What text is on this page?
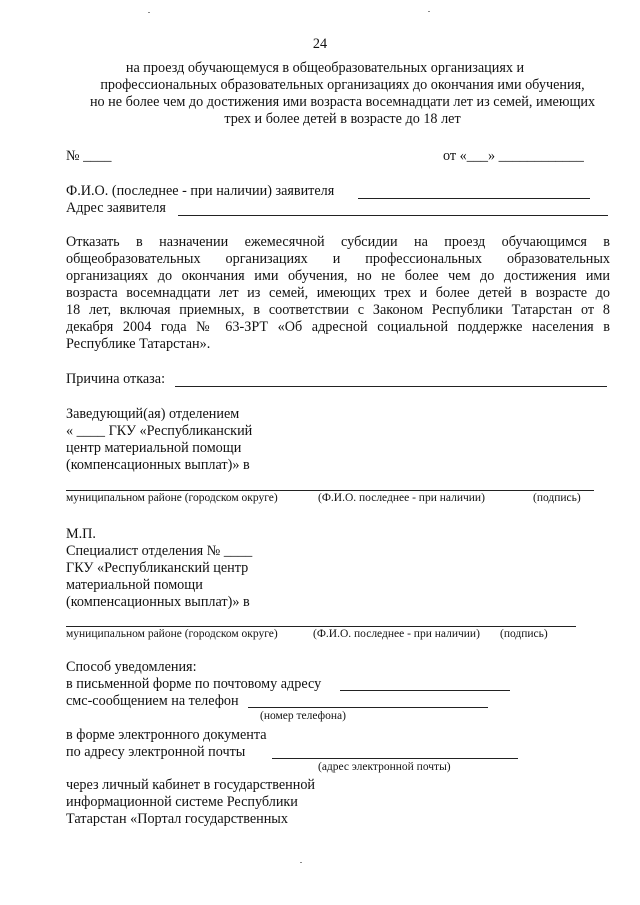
24
на проезд обучающемуся в общеобразовательных организациях и
профессиональных образовательных организациях до окончания ими обучения,
но не более чем до достижения ими возраста восемнадцати лет из семей, имеющих
трех и более детей в возрасте до 18 лет
№ ____	от «___» ____________
Ф.И.О. (последнее - при наличии) заявителя
Адрес заявителя
Отказать в назначении ежемесячной субсидии на проезд обучающимся в
общеобразовательных организациях и профессиональных образовательных
организациях до окончания ими обучения, но не более чем до достижения ими
возраста восемнадцати лет из семей, имеющих трех и более детей в возрасте до
18 лет, включая приемных, в соответствии с Законом Республики Татарстан от 8
декабря 2004 года № 63-ЗРТ «Об адресной социальной поддержке населения в
Республике Татарстан».
Причина отказа:
Заведующий(ая) отделением
« ____ ГКУ «Республиканский
центр материальной помощи
(компенсационных выплат)» в
муниципальном районе (городском округе)	(Ф.И.О. последнее - при наличии)	(подпись)
М.П.
Специалист отделения № ____
ГКУ «Республиканский центр
материальной помощи
(компенсационных выплат)» в
муниципальном районе (городском округе)	(Ф.И.О. последнее - при наличии) (подпись)
Способ уведомления:
в письменной форме по почтовому адресу
смс-сообщением на телефон
(номер телефона)
в форме электронного документа
по адресу электронной почты
(адрес электронной почты)
через личный кабинет в государственной
информационной системе Республики
Татарстан «Портал государственных
